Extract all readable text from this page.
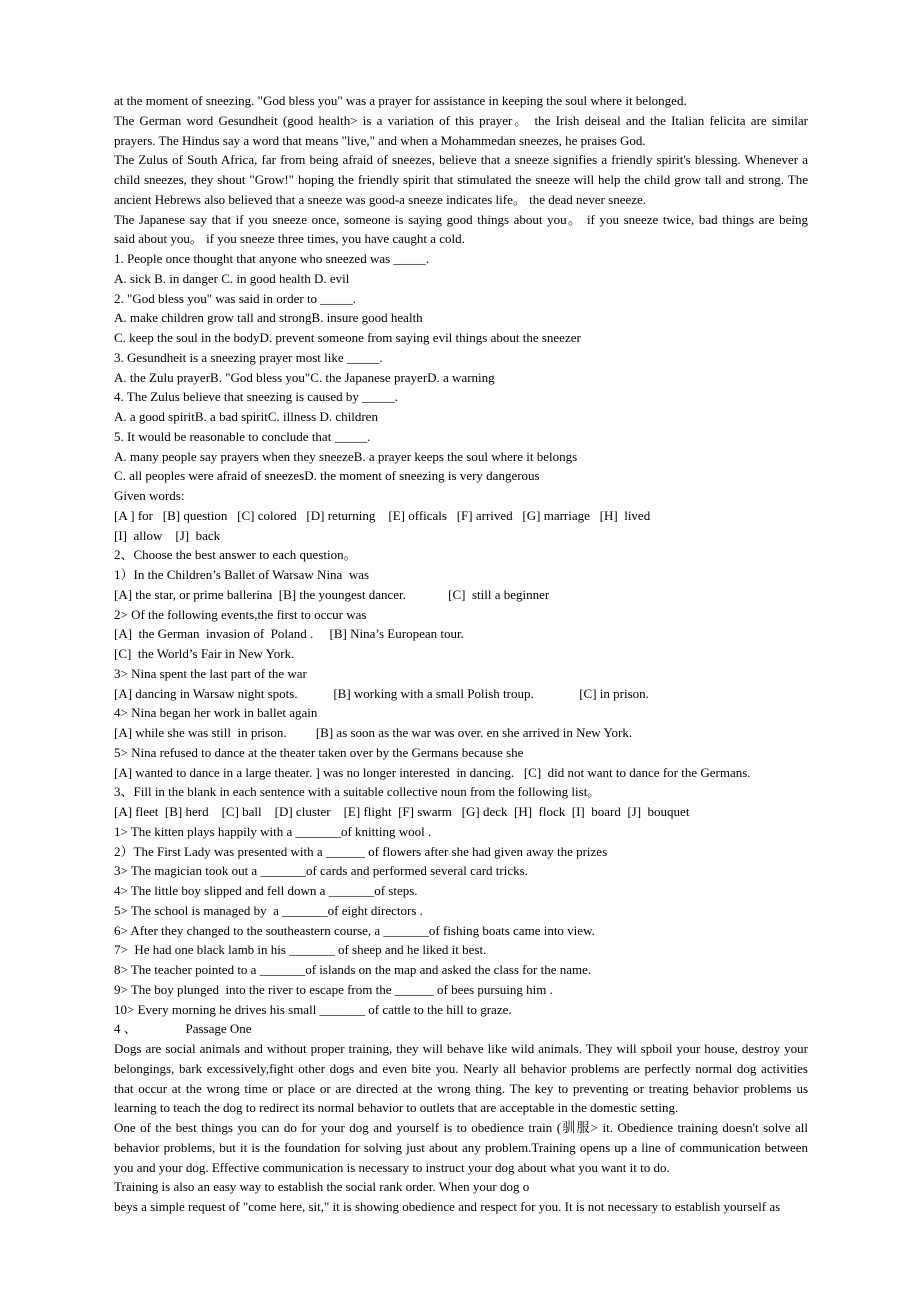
at the moment of sneezing. "God bless you" was a prayer for assistance in keeping the soul where it belonged.
The German word Gesundheit (good health> is a variation of this prayer。 the Irish deiseal and the Italian felicita are similar
prayers. The Hindus say a word that means "live," and when a Mohammedan sneezes, he praises God.
The Zulus of South Africa, far from being afraid of sneezes, believe that a sneeze signifies a friendly spirit's blessing. Whenever a
child sneezes, they shout "Grow!" hoping the friendly spirit that stimulated the sneeze will help the child grow tall and strong. The
ancient Hebrews also believed that a sneeze was good-a sneeze indicates life。 the dead never sneeze.
The Japanese say that if you sneeze once, someone is saying good things about you。 if you sneeze twice, bad things are being
said about you。 if you sneeze three times, you have caught a cold.
1. People once thought that anyone who sneezed was _____.
A. sick B. in danger C. in good health D. evil
2. "God bless you" was said in order to _____.
A. make children grow tall and strongB. insure good health
C. keep the soul in the bodyD. prevent someone from saying evil things about the sneezer
3. Gesundheit is a sneezing prayer most like _____.
A. the Zulu prayerB. "God bless you"C. the Japanese prayerD. a warning
4. The Zulus believe that sneezing is caused by _____.
A. a good spiritB. a bad spiritC. illness D. children
5. It would be reasonable to conclude that _____.
A. many people say prayers when they sneezeB. a prayer keeps the soul where it belongs
C. all peoples were afraid of sneezesD. the moment of sneezing is very dangerous
Given words:
[A ] for   [B] question   [C] colored   [D] returning    [E] officals   [F] arrived   [G] marriage   [H]  lived
[I]  allow    [J]  back
2、Choose the best answer to each question。
1）In the Children’s Ballet of Warsaw Nina  was
[A] the star, or prime ballerina  [B] the youngest dancer.             [C]  still a beginner
2> Of the following events,the first to occur was
[A]  the German  invasion of  Poland .     [B] Nina’s European tour.
[C]  the World’s Fair in New York.
3> Nina spent the last part of the war
[A] dancing in Warsaw night spots.           [B] working with a small Polish troup.              [C] in prison.
4> Nina began her work in ballet again
[A] while she was still  in prison.         [B] as soon as the war was over. en she arrived in New York.
5> Nina refused to dance at the theater taken over by the Germans because she
[A] wanted to dance in a large theater. ] was no longer interested  in dancing.   [C]  did not want to dance for the Germans.
3、Fill in the blank in each sentence with a suitable collective noun from the following list。
[A] fleet  [B] herd    [C] ball    [D] cluster    [E] flight  [F] swarm   [G] deck  [H]  flock  [I]  board  [J]  bouquet
1> The kitten plays happily with a _______of knitting wool .
2）The First Lady was presented with a ______ of flowers after she had given away the prizes
3> The magician took out a _______of cards and performed several card tricks.
4> The little boy slipped and fell down a _______of steps.
5> The school is managed by  a _______of eight directors .
6> After they changed to the southeastern course, a _______of fishing boats came into view.
7>  He had one black lamb in his _______ of sheep and he liked it best.
8> The teacher pointed to a _______of islands on the map and asked the class for the name.
9> The boy plunged  into the river to escape from the ______ of bees pursuing him .
10> Every morning he drives his small _______ of cattle to the hill to graze.
4 、               Passage One
Dogs are social animals and without proper training, they will behave like wild animals. They will spboil your house, destroy your
belongings, bark excessively,fight other dogs and even bite you. Nearly all behavior problems are perfectly normal dog activities
that occur at the wrong time or place or are directed at the wrong thing. The key to preventing or treating behavior problems us
learning to teach the dog to redirect its normal behavior to outlets that are acceptable in the domestic setting.
One of the best things you can do for your dog and yourself is to obedience train (驯服> it. Obedience training doesn't solve all
behavior problems, but it is the foundation for solving just about any problem.Training opens up a line of communication between
you and your dog. Effective communication is necessary to instruct your dog about what you want it to do.
Training is also an easy way to establish the social rank order. When your dog o
beys a simple request of "come here, sit," it is showing obedience and respect for you. It is not necessary to establish yourself as
